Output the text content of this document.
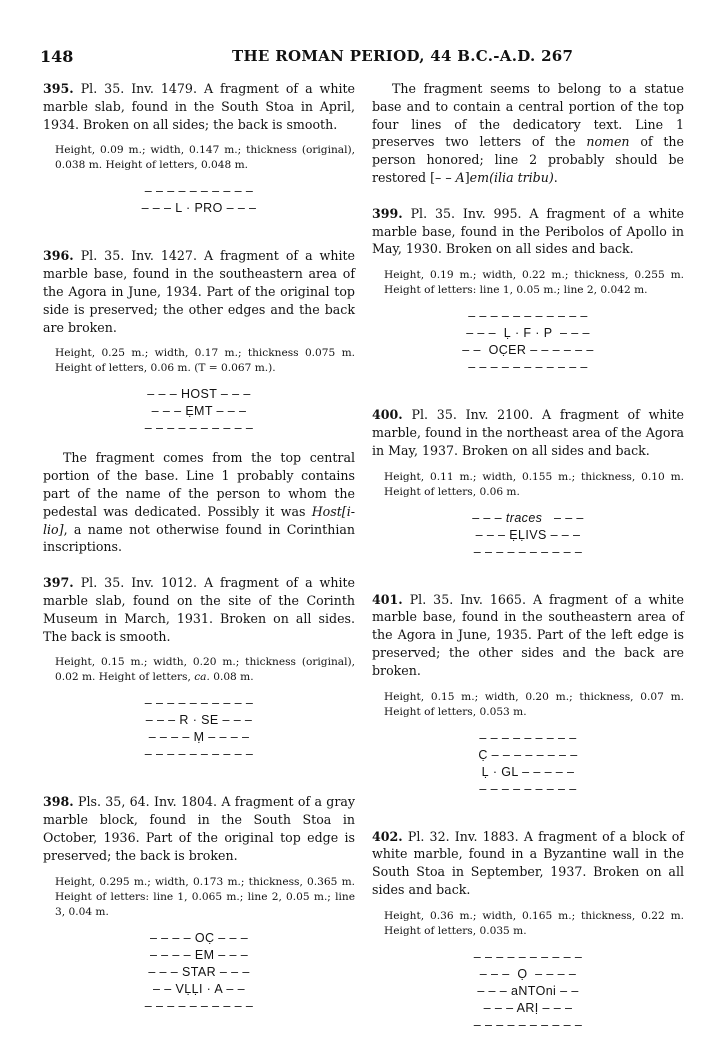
148	THE ROMAN PERIOD, 44 B.C.-A.D. 267

395. Pl. 35. Inv. 1479. A fragment of a white marble slab, found in the South Stoa in April, 1934. Broken on all sides; the back is smooth.

Height, 0.09 m.; width, 0.147 m.; thickness (original), 0.038 m. Height of letters, 0.048 m.

– – – – – – – – – –
– – – L · PRO – – –

396. Pl. 35. Inv. 1427. A fragment of a white marble base, found in the southeastern area of the Agora in June, 1934. Part of the original top side is preserved; the other edges and the back are broken.

Height, 0.25 m.; width, 0.17 m.; thickness 0.075 m. Height of letters, 0.06 m. (T = 0.067 m.).

– – – HOST – – –
– – – ẸMT – – –
– – – – – – – – – –

The fragment comes from the top central portion of the base. Line 1 probably contains part of the name of the person to whom the pedestal was dedicated. Possibly it was Host[i-lio], a name not otherwise found in Corinthian inscriptions.

397. Pl. 35. Inv. 1012. A fragment of a white marble slab, found on the site of the Corinth Museum in March, 1931. Broken on all sides. The back is smooth.

Height, 0.15 m.; width, 0.20 m.; thickness (original), 0.02 m. Height of letters, ca. 0.08 m.

– – – – – – – – – –
– – – R · SE – – –
– – – – Ṃ – – – –
– – – – – – – – – –

398. Pls. 35, 64. Inv. 1804. A fragment of a gray marble block, found in the South Stoa in October, 1936. Part of the original top edge is preserved; the back is broken.

Height, 0.295 m.; width, 0.173 m.; thickness, 0.365 m. Height of letters: line 1, 0.065 m.; line 2, 0.05 m.; line 3, 0.04 m.

– – – – OC̣ – – –
– – – – EM – – –
– – – STAR – – –
– – VḶḶI · A – –
– – – – – – – – – –

The fragment seems to belong to a statue base and to contain a central portion of the top four lines of the dedicatory text. Line 1 preserves two letters of the nomen of the person honored; line 2 probably should be restored [– – A]em(ilia tribu).

399. Pl. 35. Inv. 995. A fragment of a white marble base, found in the Peribolos of Apollo in May, 1930. Broken on all sides and back.

Height, 0.19 m.; width, 0.22 m.; thickness, 0.255 m. Height of letters: line 1, 0.05 m.; line 2, 0.042 m.

– – – – – – – – – – –
– – –  Ḷ · F · P  – – –
– –  OC̣ER – – – – – –
– – – – – – – – – – –

400. Pl. 35. Inv. 2100. A fragment of white marble, found in the northeast area of the Agora in May, 1937. Broken on all sides and back.

Height, 0.11 m.; width, 0.155 m.; thickness, 0.10 m. Height of letters, 0.06 m.

– – – traces – – –
– – – ẸḶIVS – – –
– – – – – – – – – –

401. Pl. 35. Inv. 1665. A fragment of a white marble base, found in the southeastern area of the Agora in June, 1935. Part of the left edge is preserved; the other sides and the back are broken.

Height, 0.15 m.; width, 0.20 m.; thickness, 0.07 m. Height of letters, 0.053 m.

– – – – – – – – –
C̣ – – – – – – – –
Ḷ · GL – – – – –
– – – – – – – – –

402. Pl. 32. Inv. 1883. A fragment of a block of white marble, found in a Byzantine wall in the South Stoa in September, 1937. Broken on all sides and back.

Height, 0.36 m.; width, 0.165 m.; thickness, 0.22 m. Height of letters, 0.035 m.

– – – – – – – – – –
– – –  Ọ  – – – –
– – – aNTOni – –
– – – ARỊ – – –
– – – – – – – – – –
